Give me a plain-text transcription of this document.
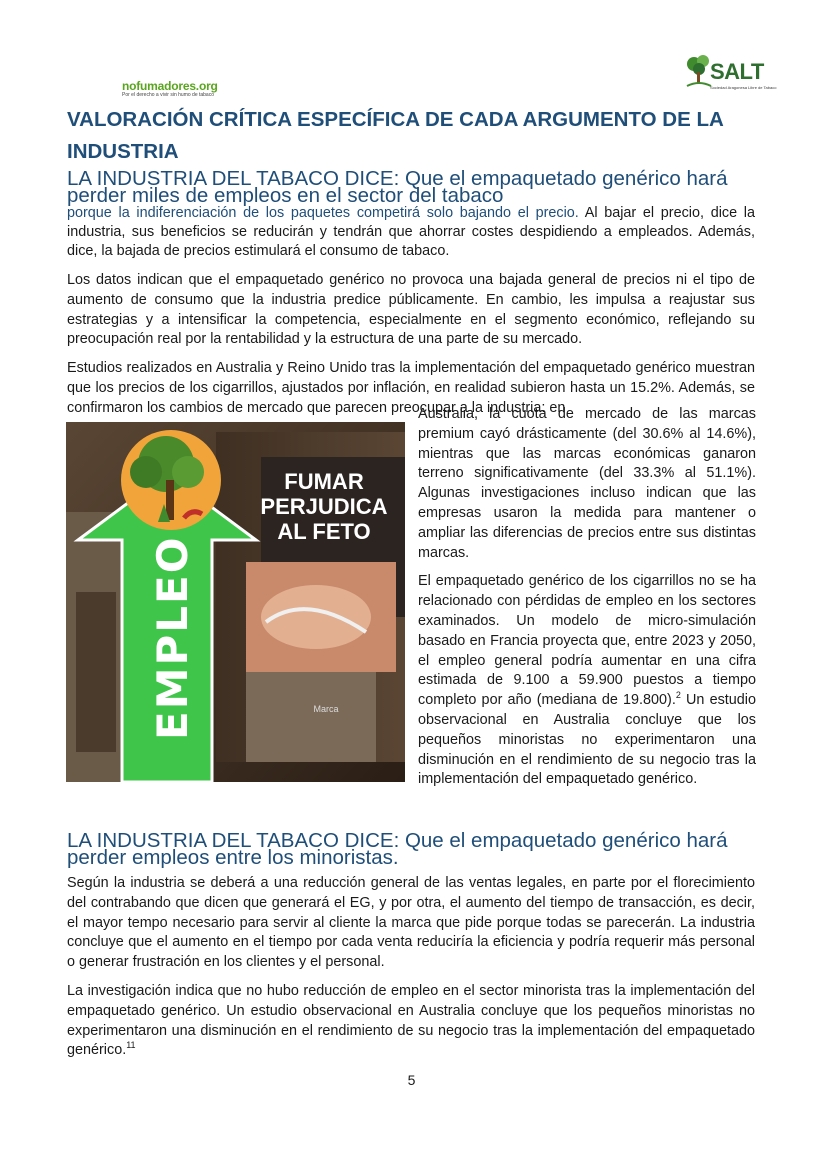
nofumadores.org
Por el derecho a vivir sin humo de tabaco
SALT
Sociedad Aragonesa Libre de Tabaco
VALORACIÓN CRÍTICA ESPECÍFICA DE CADA ARGUMENTO DE LA INDUSTRIA
LA INDUSTRIA DEL TABACO DICE: Que el empaquetado genérico hará perder miles de empleos en el sector del tabaco
porque la indiferenciación de los paquetes competirá solo bajando el precio. Al bajar el precio, dice la industria, sus beneficios se reducirán y tendrán que ahorrar costes despidiendo a empleados. Además, dice, la bajada de precios estimulará el consumo de tabaco.

Los datos indican que el empaquetado genérico no provoca una bajada general de precios ni el tipo de aumento de consumo que la industria predice públicamente. En cambio, les impulsa a reajustar sus estrategias y a intensificar la competencia, especialmente en el segmento económico, reflejando su preocupación real por la rentabilidad y la estructura de una parte de su mercado.

Estudios realizados en Australia y Reino Unido tras la implementación del empaquetado genérico muestran que los precios de los cigarrillos, ajustados por inflación, en realidad subieron hasta un 15.2%. Además, se confirmaron los cambios de mercado que parecen preocupar a la industria: en

Marca
FUMAR
PERJUDICA
AL FETO
EMPLEO

Australia, la cuota de mercado de las marcas premium cayó drásticamente (del 30.6% al 14.6%), mientras que las marcas económicas ganaron terreno significativamente (del 33.3% al 51.1%). Algunas investigaciones incluso indican que las empresas usaron la medida para mantener o ampliar las diferencias de precios entre sus distintas marcas.

El empaquetado genérico de los cigarrillos no se ha relacionado con pérdidas de empleo en los sectores examinados. Un modelo de micro-simulación basado en Francia proyecta que, entre 2023 y 2050, el empleo general podría aumentar en una cifra estimada de 9.100 a 59.900 puestos a tiempo completo por año (mediana de 19.800).$^2$ Un estudio observacional en Australia concluye que los pequeños minoristas no experimentaron una disminución en el rendimiento de su negocio tras la implementación del empaquetado genérico.

LA INDUSTRIA DEL TABACO DICE: Que el empaquetado genérico hará perder empleos entre los minoristas.

Según la industria se deberá a una reducción general de las ventas legales, en parte por el florecimiento del contrabando que dicen que generará el EG, y por otra, el aumento del tiempo de transacción, es decir, el mayor tempo necesario para servir al cliente la marca que pide porque todas se parecerán. La industria concluye que el aumento en el tiempo por cada venta reduciría la eficiencia y podría requerir más personal o generar frustración en los clientes y el personal.

La investigación indica que no hubo reducción de empleo en el sector minorista tras la implementación del empaquetado genérico. Un estudio observacional en Australia concluye que los pequeños minoristas no experimentaron una disminución en el rendimiento de su negocio tras la implementación del empaquetado genérico.$^{11}$

5
